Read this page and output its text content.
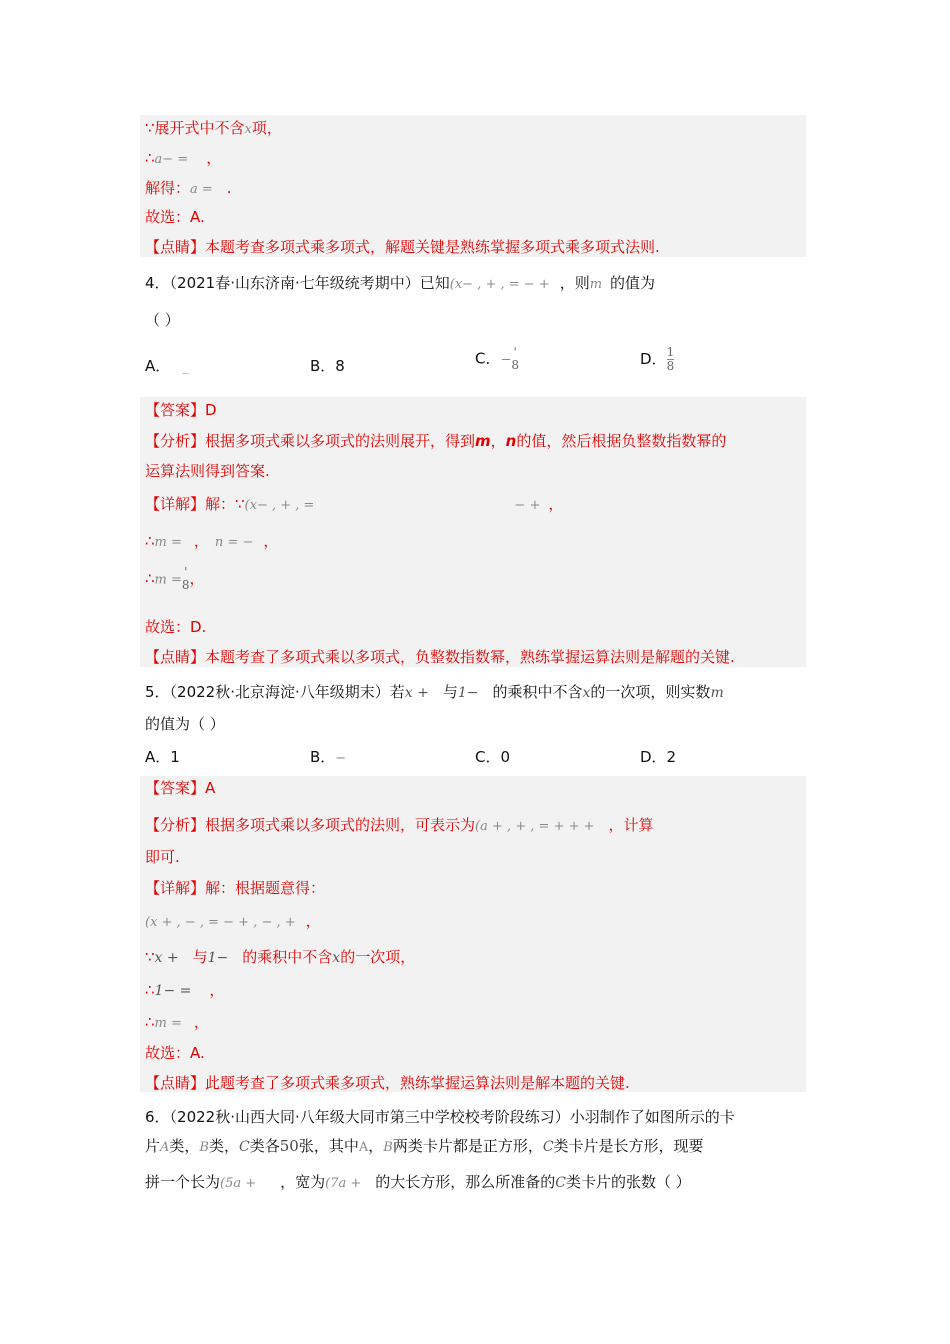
∵展开式中不含x项，
∴a− = ，
解得：a = .
故选：A.
【点睛】本题考查多项式乘多项式，解题关键是熟练掌握多项式乘多项式法则.
4．（2021春·山东济南·七年级统考期中）已知(x− , + , = − + ，则m 的值为
（ ）
A． _	B．8	C．−
'
8	D． $\frac{1}{8}$
【答案】D
【分析】根据多项式乘以多项式的法则展开，得到m，n的值，然后根据负整数指数幂的
运算法则得到答案.
【详解】解：∵(x− , + , =	− + ，
∴m = ， n = − ，
∴m =
'
8 ，
故选：D.
【点睛】本题考查了多项式乘以多项式，负整数指数幂，熟练掌握运算法则是解题的关键.
5．（2022秋·北京海淀·八年级期末）若x + 与1− 的乘积中不含x的一次项，则实数m
的值为（ ）
A．1	B．−	C．0	D．2
【答案】A
【分析】根据多项式乘以多项式的法则，可表示为(a + , + , = + + + ，计算
即可.
【详解】解：根据题意得：
(x + , − , = − + , − , + ，
∵x + 与1− 的乘积中不含x的一次项，
∴1− = ，
∴m = ，
故选：A.
【点睛】此题考查了多项式乘多项式，熟练掌握运算法则是解本题的关键.
6．（2022秋·山西大同·八年级大同市第三中学校校考阶段练习）小羽制作了如图所示的卡
片A类，B类，C类各50张，其中A，B两类卡片都是正方形，C类卡片是长方形，现要
拼一个长为(5a + ，宽为(7a + 的大长方形，那么所准备的C类卡片的张数（ ）
